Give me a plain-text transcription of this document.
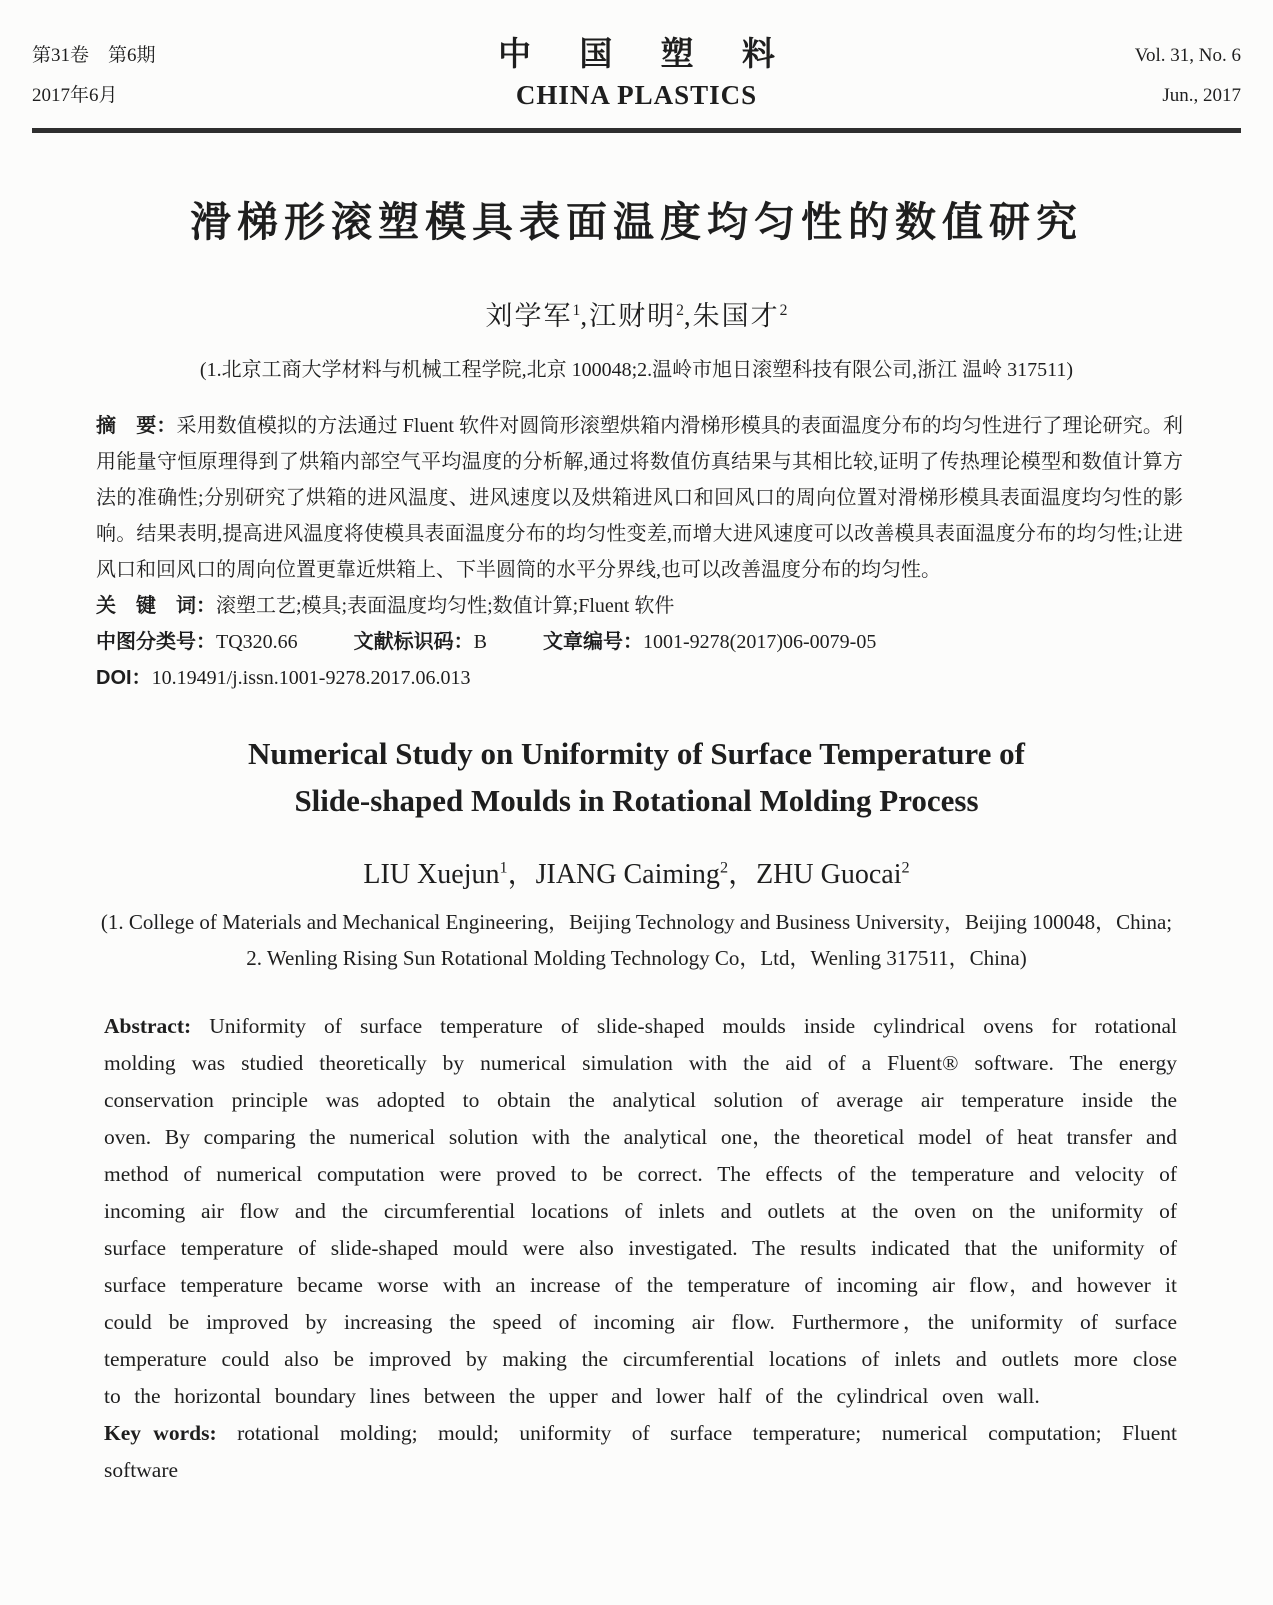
第31卷　第6期
2017年6月
中 国 塑 料
CHINA PLASTICS
Vol. 31, No. 6
Jun., 2017
滑梯形滚塑模具表面温度均匀性的数值研究
刘学军$^1$,江财明$^2$,朱国才$^2$
(1.北京工商大学材料与机械工程学院,北京 100048;2.温岭市旭日滚塑科技有限公司,浙江 温岭 317511)

摘　要：采用数值模拟的方法通过 Fluent 软件对圆筒形滚塑烘箱内滑梯形模具的表面温度分布的均匀性进行了理论研究。利用能量守恒原理得到了烘箱内部空气平均温度的分析解,通过将数值仿真结果与其相比较,证明了传热理论模型和数值计算方法的准确性;分别研究了烘箱的进风温度、进风速度以及烘箱进风口和回风口的周向位置对滑梯形模具表面温度均匀性的影响。结果表明,提高进风温度将使模具表面温度分布的均匀性变差,而增大进风速度可以改善模具表面温度分布的均匀性;让进风口和回风口的周向位置更靠近烘箱上、下半圆筒的水平分界线,也可以改善温度分布的均匀性。

关　键　词：滚塑工艺;模具;表面温度均匀性;数值计算;Fluent 软件

中图分类号：TQ320.66	文献标识码：B	文章编号：1001-9278(2017)06-0079-05

DOI：10.19491/j.issn.1001-9278.2017.06.013

Numerical Study on Uniformity of Surface Temperature of
Slide-shaped Moulds in Rotational Molding Process
LIU Xuejun$^1$，JIANG Caiming$^2$，ZHU Guocai$^2$
(1. College of Materials and Mechanical Engineering，Beijing Technology and Business University，Beijing 100048，China;
2. Wenling Rising Sun Rotational Molding Technology Co，Ltd，Wenling 317511，China)

Abstract: Uniformity of surface temperature of slide-shaped moulds inside cylindrical ovens for rotational molding was studied theoretically by numerical simulation with the aid of a Fluent® software. The energy conservation principle was adopted to obtain the analytical solution of average air temperature inside the oven. By comparing the numerical solution with the analytical one，the theoretical model of heat transfer and method of numerical computation were proved to be correct. The effects of the temperature and velocity of incoming air flow and the circumferential locations of inlets and outlets at the oven on the uniformity of surface temperature of slide-shaped mould were also investigated. The results indicated that the uniformity of surface temperature became worse with an increase of the temperature of incoming air flow，and however it could be improved by increasing the speed of incoming air flow. Furthermore，the uniformity of surface temperature could also be improved by making the circumferential locations of inlets and outlets more close to the horizontal boundary lines between the upper and lower half of the cylindrical oven wall.

Key words: rotational molding; mould; uniformity of surface temperature; numerical computation; Fluent software
